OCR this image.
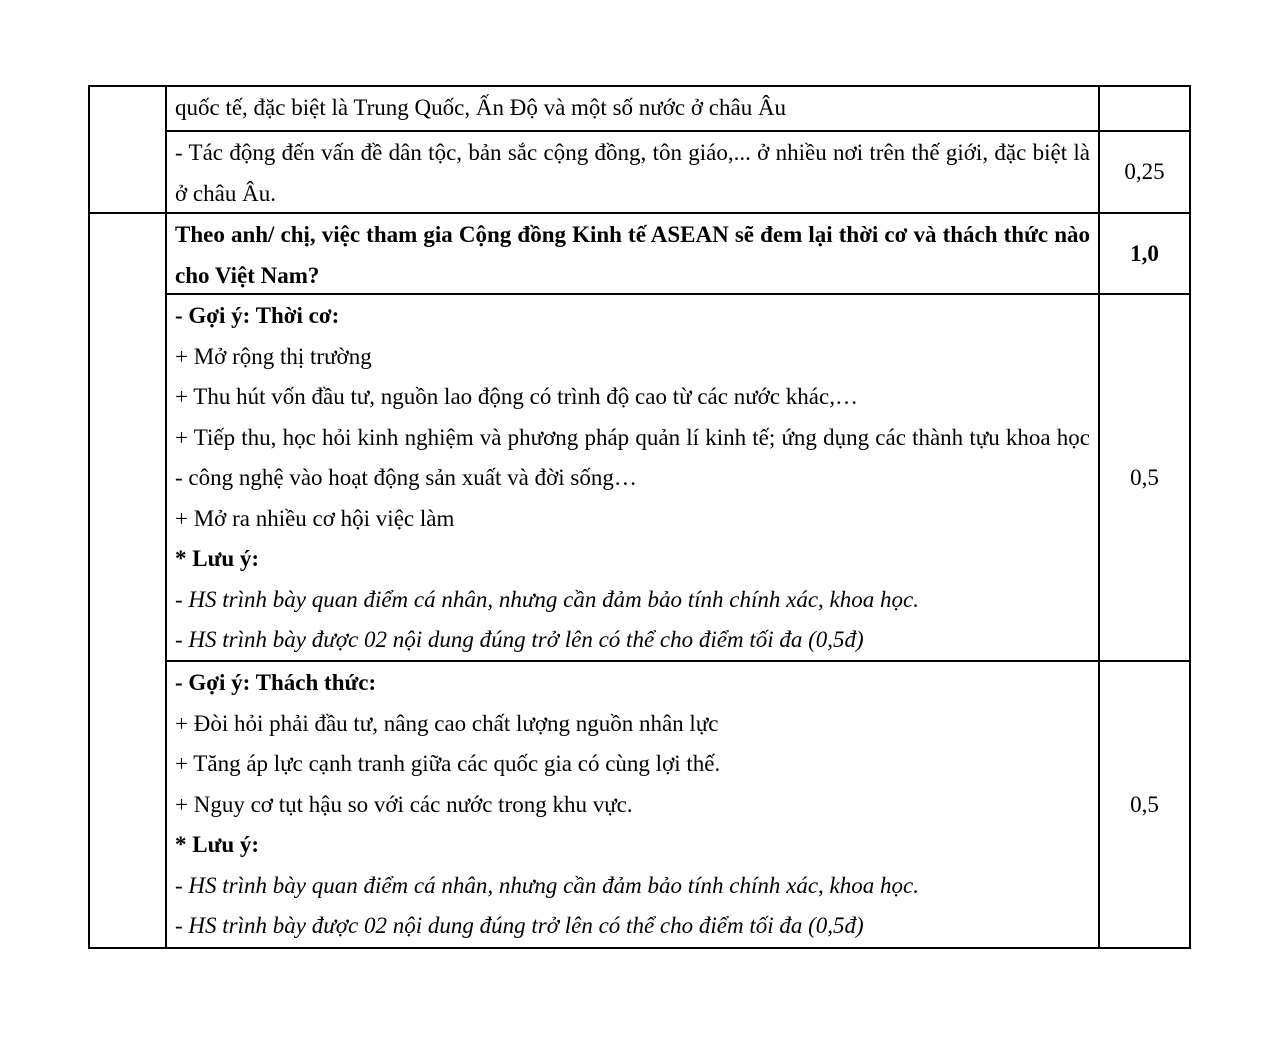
quốc tế, đặc biệt là Trung Quốc, Ấn Độ và một số nước ở châu Âu
- Tác động đến vấn đề dân tộc, bản sắc cộng đồng, tôn giáo,... ở nhiều nơi trên thế giới, đặc biệt là ở châu Âu.
0,25
Theo anh/ chị, việc tham gia Cộng đồng Kinh tế ASEAN sẽ đem lại thời cơ và thách thức nào cho Việt Nam?
1,0
- Gợi ý: Thời cơ:
+ Mở rộng thị trường
+ Thu hút vốn đầu tư, nguồn lao động có trình độ cao từ các nước khác,…
+ Tiếp thu, học hỏi kinh nghiệm và phương pháp quản lí kinh tế; ứng dụng các thành tựu khoa học - công nghệ vào hoạt động sản xuất và đời sống…
+ Mở ra nhiều cơ hội việc làm
* Lưu ý:
- HS trình bày quan điểm cá nhân, nhưng cần đảm bảo tính chính xác, khoa học.
- HS trình bày được 02 nội dung đúng trở lên có thể cho điểm tối đa (0,5đ)
0,5
- Gợi ý: Thách thức:
+ Đòi hỏi phải đầu tư, nâng cao chất lượng nguồn nhân lực
+ Tăng áp lực cạnh tranh giữa các quốc gia có cùng lợi thế.
+ Nguy cơ tụt hậu so với các nước trong khu vực.
* Lưu ý:
- HS trình bày quan điểm cá nhân, nhưng cần đảm bảo tính chính xác, khoa học.
- HS trình bày được 02 nội dung đúng trở lên có thể cho điểm tối đa (0,5đ)
0,5
